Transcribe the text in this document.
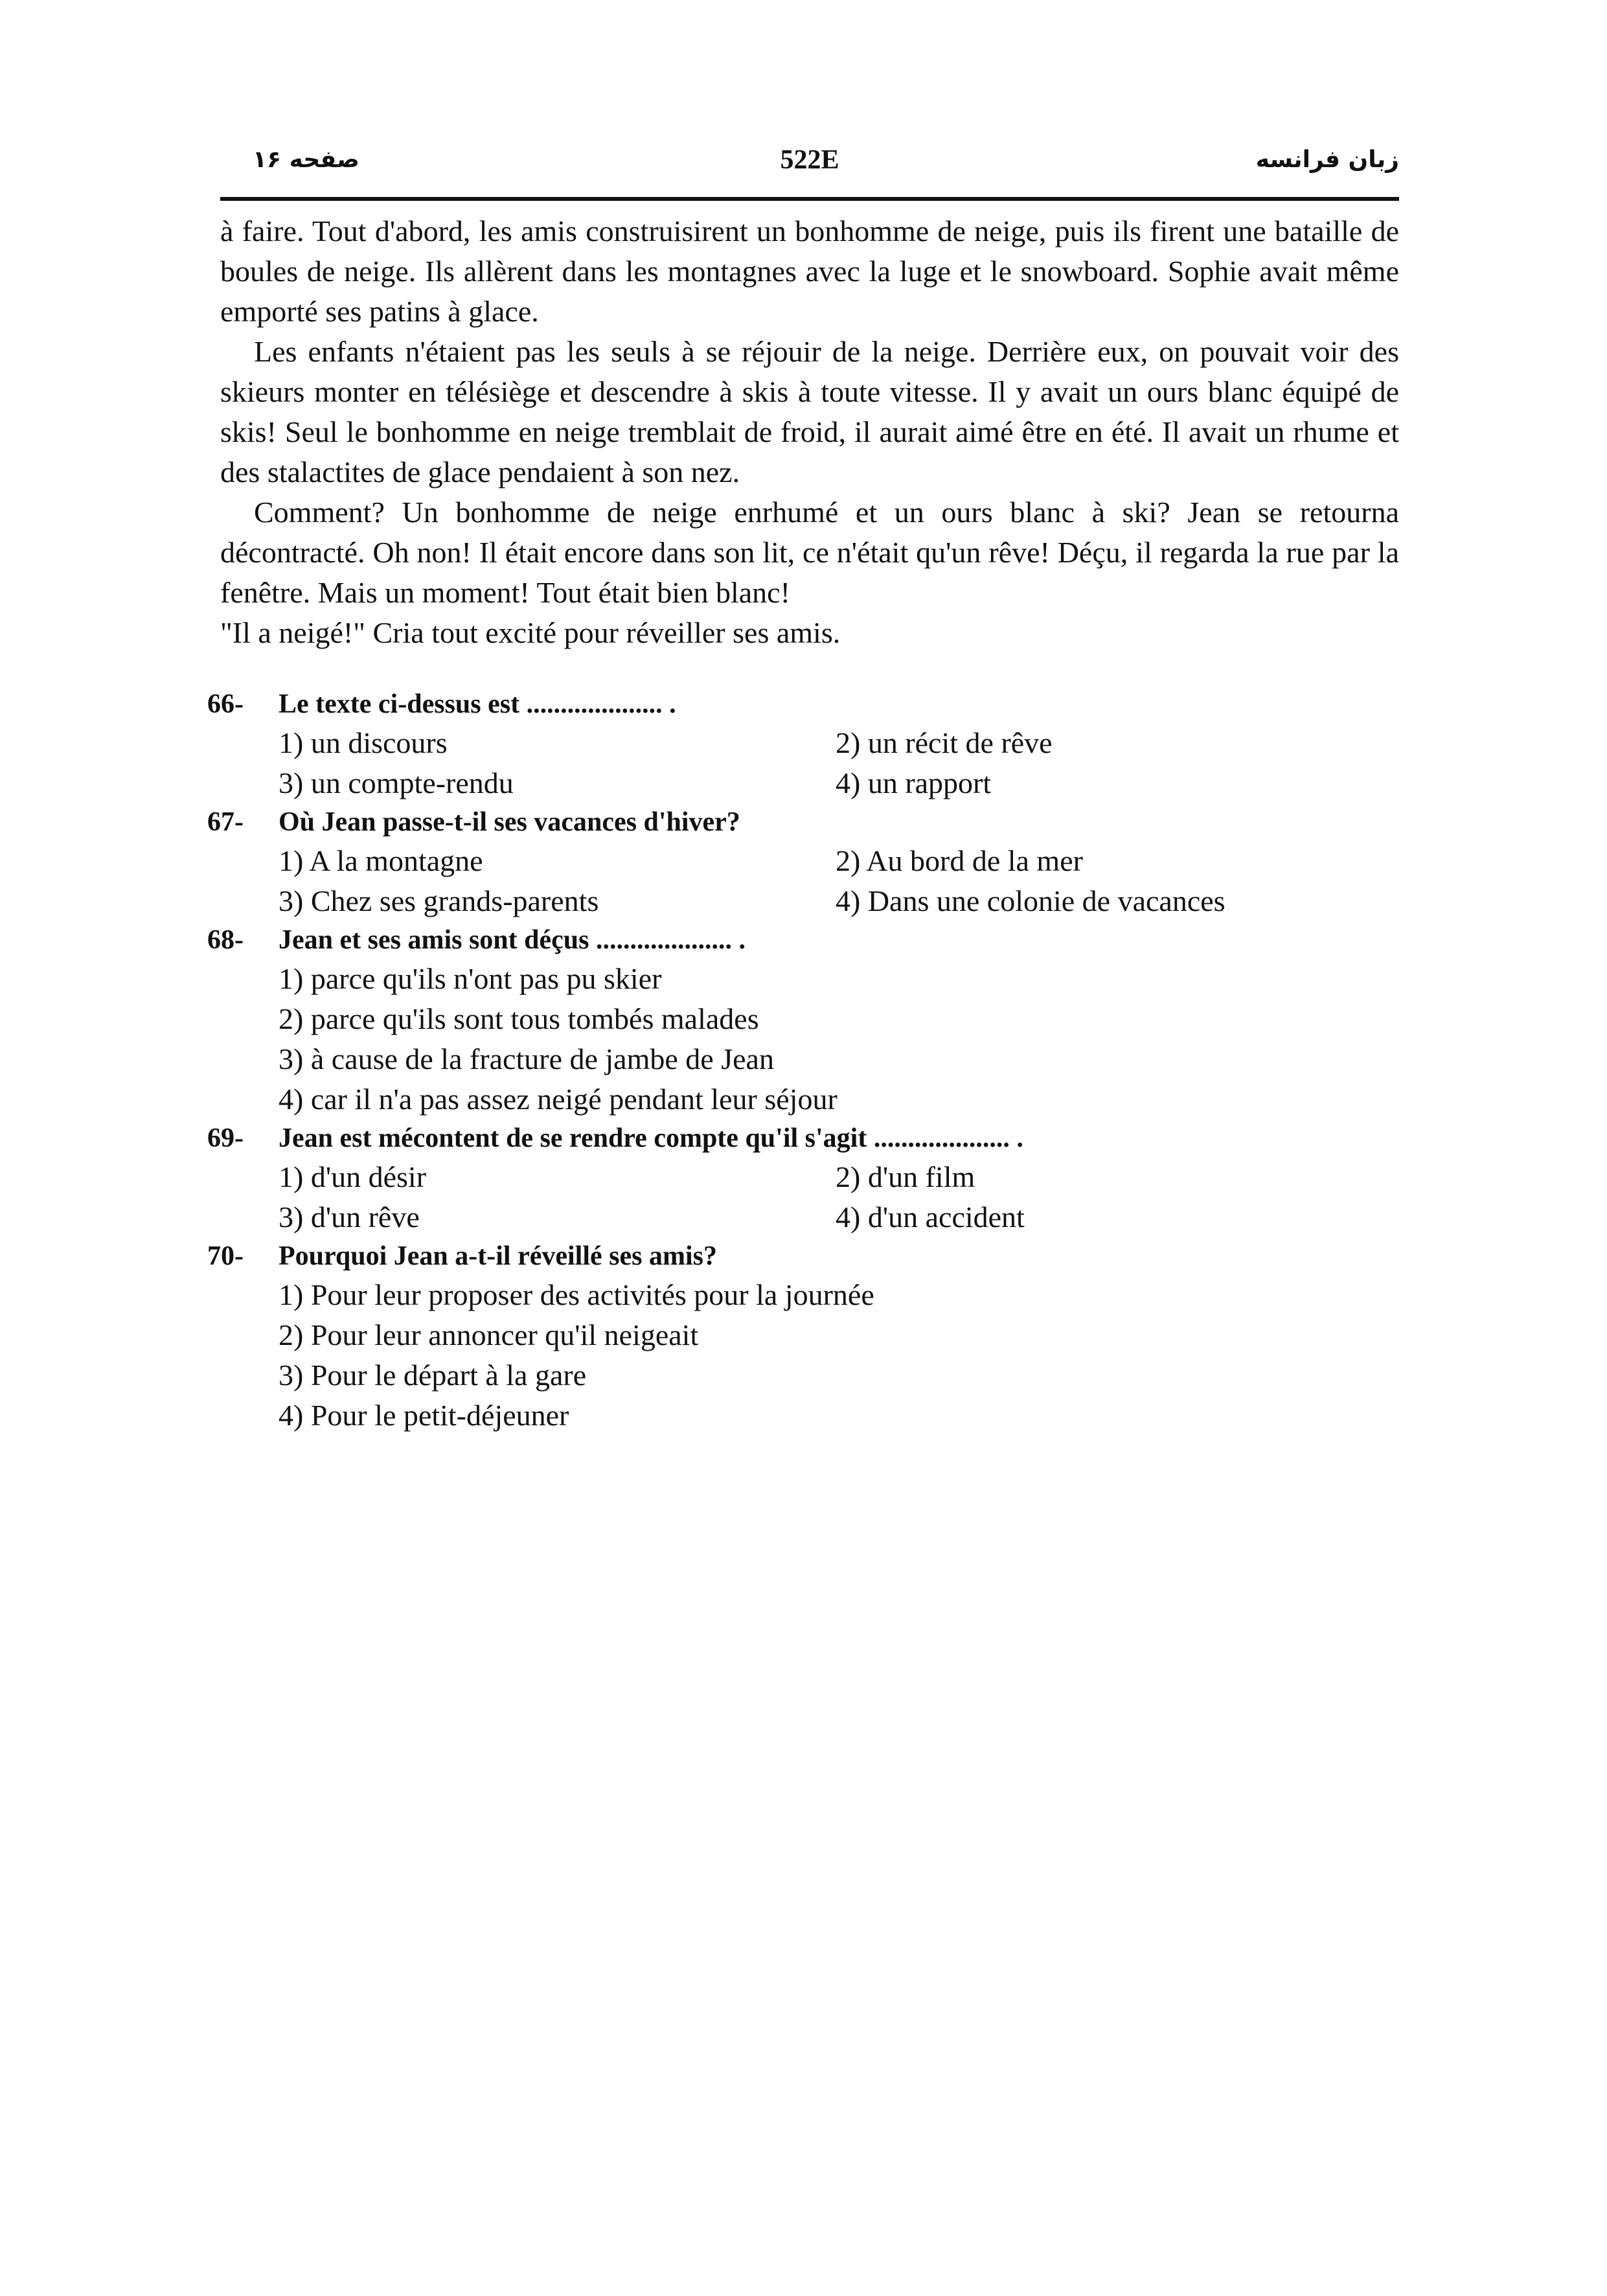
صفحه ۱۶	522E	زبان فرانسه

à faire. Tout d'abord, les amis construisirent un bonhomme de neige, puis ils firent une bataille de boules de neige. Ils allèrent dans les montagnes avec la luge et le snowboard. Sophie avait même emporté ses patins à glace.

Les enfants n'étaient pas les seuls à se réjouir de la neige. Derrière eux, on pouvait voir des skieurs monter en télésiège et descendre à skis à toute vitesse. Il y avait un ours blanc équipé de skis! Seul le bonhomme en neige tremblait de froid, il aurait aimé être en été. Il avait un rhume et des stalactites de glace pendaient à son nez.

Comment? Un bonhomme de neige enrhumé et un ours blanc à ski? Jean se retourna décontracté. Oh non! Il était encore dans son lit, ce n'était qu'un rêve! Déçu, il regarda la rue par la fenêtre. Mais un moment! Tout était bien blanc!

"Il a neigé!" Cria tout excité pour réveiller ses amis.

66-	Le texte ci-dessus est .................... .
1) un discours	2) un récit de rêve
3) un compte-rendu	4) un rapport
67-	Où Jean passe-t-il ses vacances d'hiver?
1) A la montagne	2) Au bord de la mer
3) Chez ses grands-parents	4) Dans une colonie de vacances
68-	Jean et ses amis sont déçus .................... .
1) parce qu'ils n'ont pas pu skier
2) parce qu'ils sont tous tombés malades
3) à cause de la fracture de jambe de Jean
4) car il n'a pas assez neigé pendant leur séjour
69-	Jean est mécontent de se rendre compte qu'il s'agit .................... .
1) d'un désir	2) d'un film
3) d'un rêve	4) d'un accident
70-	Pourquoi Jean a-t-il réveillé ses amis?
1) Pour leur proposer des activités pour la journée
2) Pour leur annoncer qu'il neigeait
3) Pour le départ à la gare
4) Pour le petit-déjeuner
